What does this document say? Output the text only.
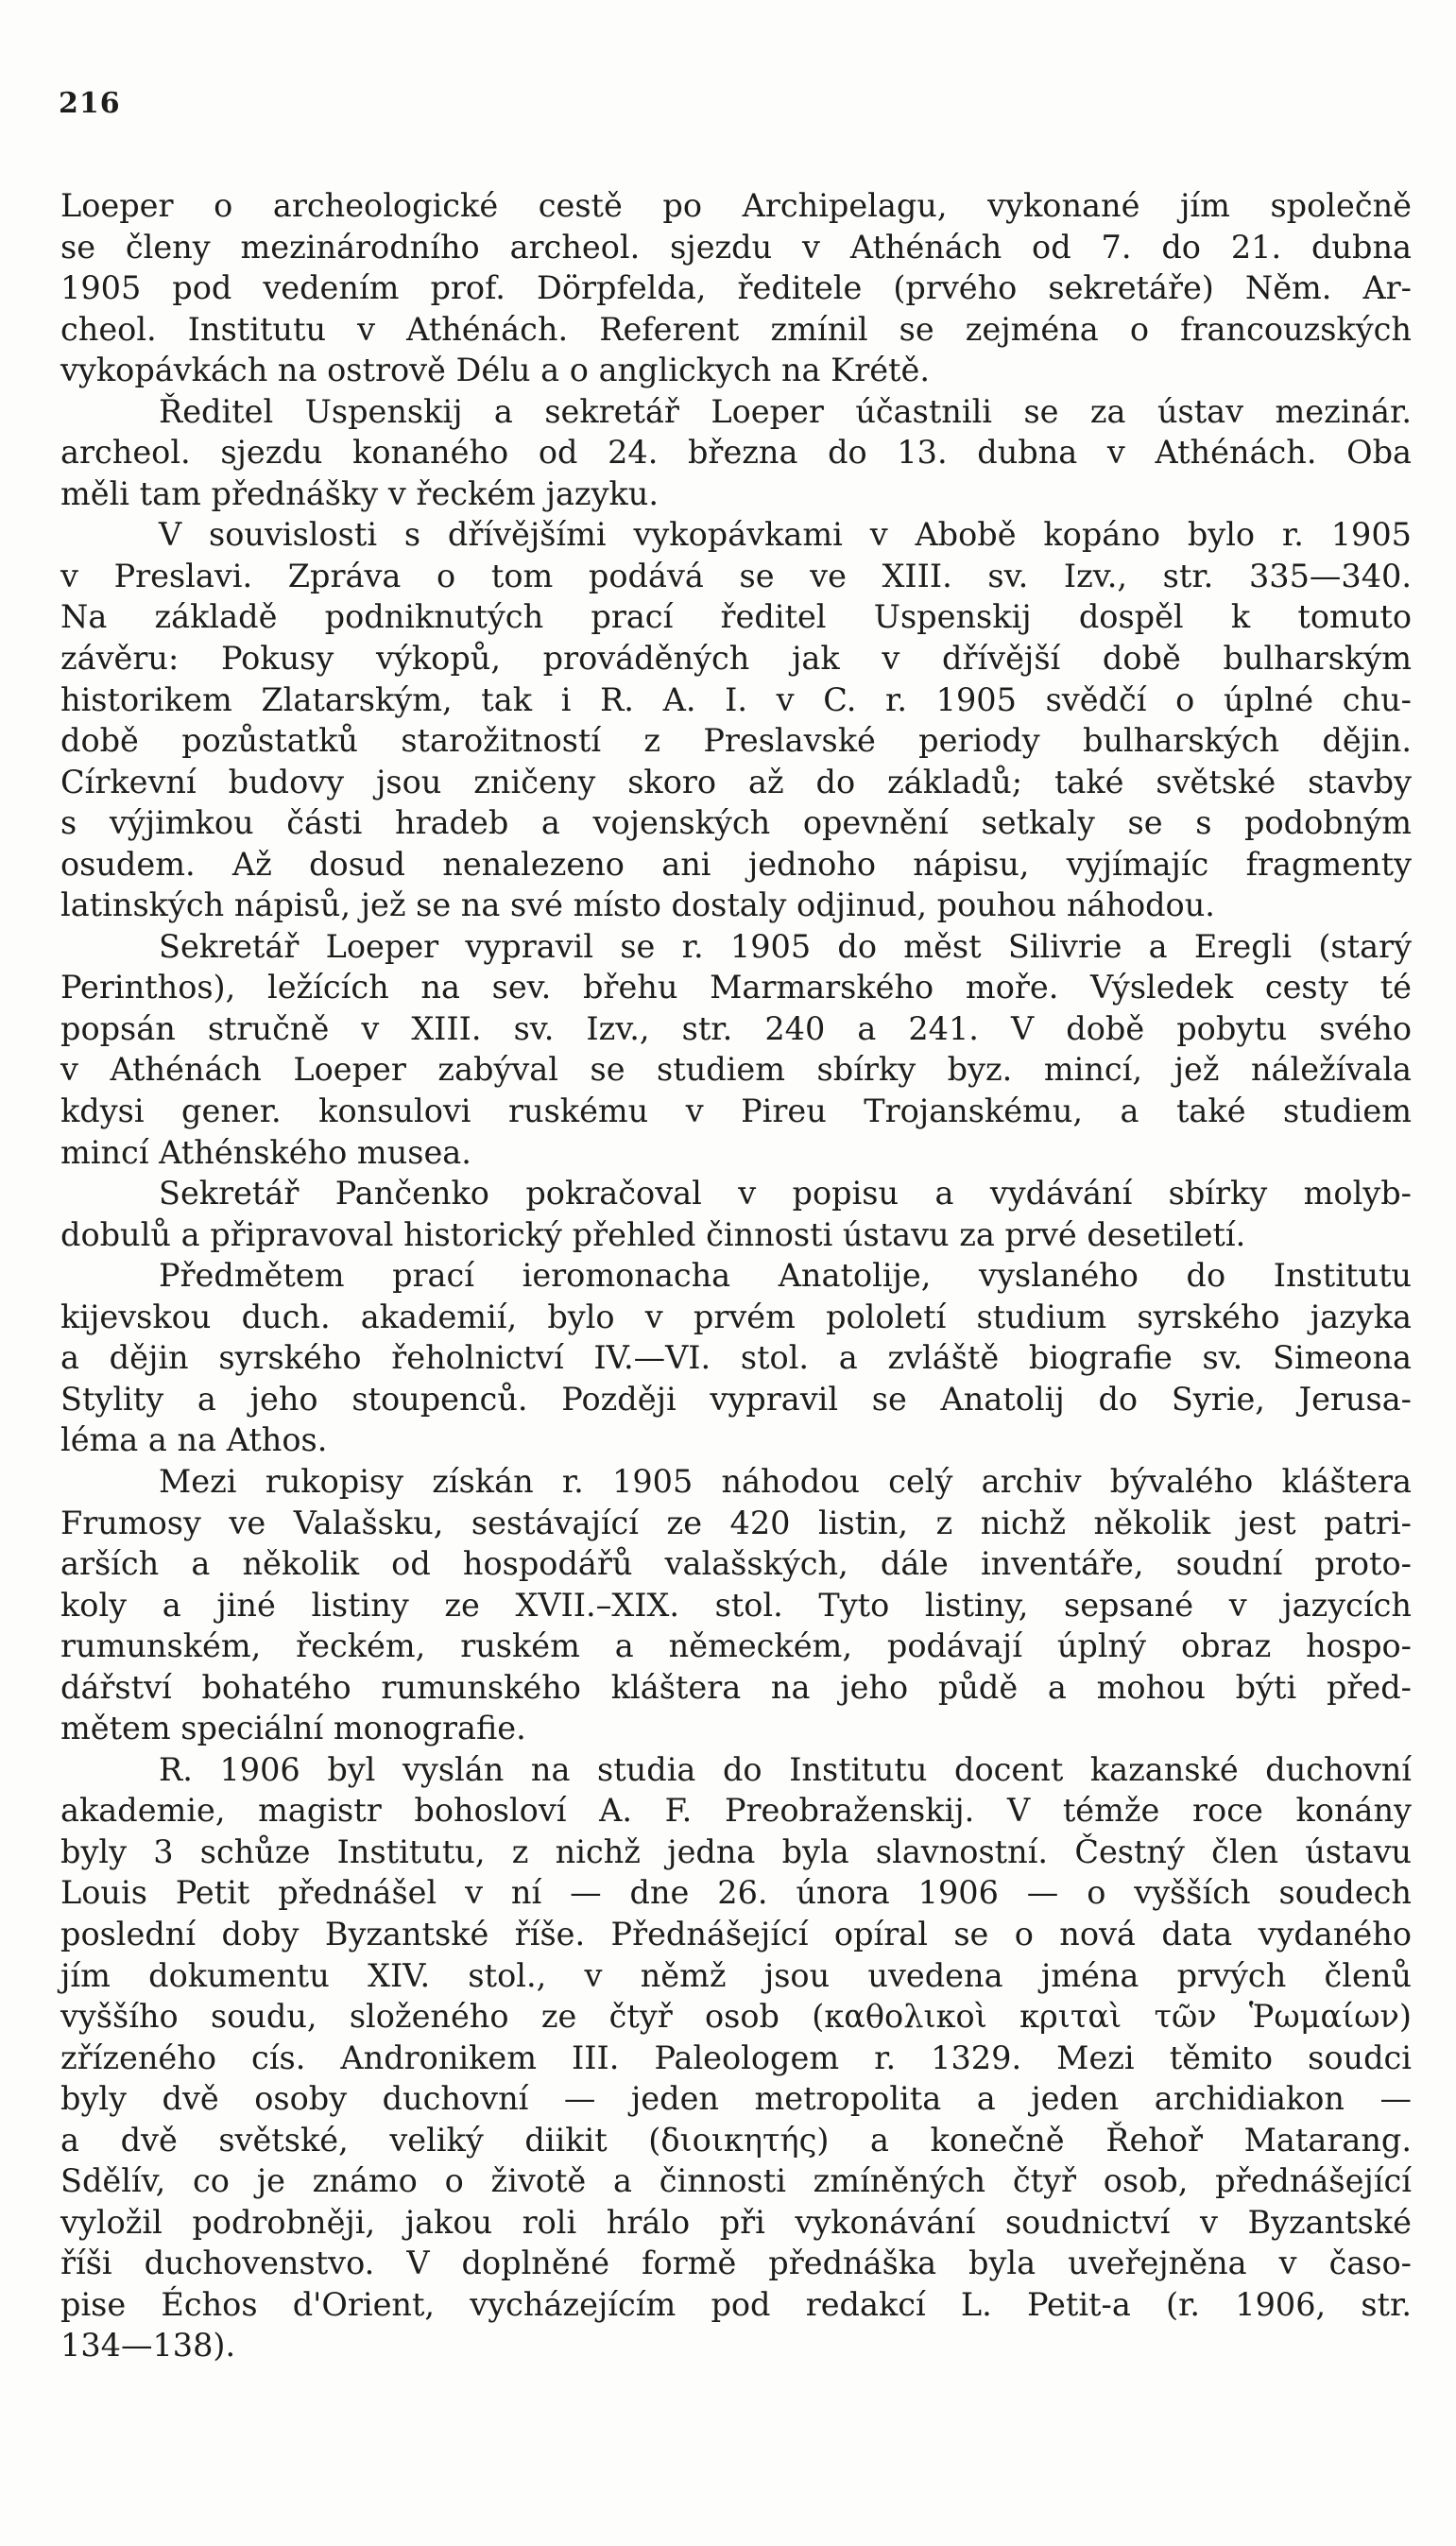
216
Loeper o archeologické cestě po Archipelagu, vykonané jím společně
se členy mezinárodního archeol. sjezdu v Athénách od 7. do 21. dubna
1905 pod vedením prof. Dörpfelda, ředitele (prvého sekretáře) Něm. Ar-
cheol. Institutu v Athénách. Referent zmínil se zejména o francouzských
vykopávkách na ostrově Délu a o anglickych na Krétě.
Ředitel Uspenskij a sekretář Loeper účastnili se za ústav mezinár.
archeol. sjezdu konaného od 24. března do 13. dubna v Athénách. Oba
měli tam přednášky v řeckém jazyku.
V souvislosti s dřívějšími vykopávkami v Abobě kopáno bylo r. 1905
v Preslavi. Zpráva o tom podává se ve XIII. sv. Izv., str. 335—340.
Na základě podniknutých prací ředitel Uspenskij dospěl k tomuto
závěru: Pokusy výkopů, prováděných jak v dřívější době bulharským
historikem Zlatarským, tak i R. A. I. v C. r. 1905 svědčí o úplné chu-
době pozůstatků starožitností z Preslavské periody bulharských dějin.
Církevní budovy jsou zničeny skoro až do základů; také světské stavby
s výjimkou části hradeb a vojenských opevnění setkaly se s podobným
osudem. Až dosud nenalezeno ani jednoho nápisu, vyjímajíc fragmenty
latinských nápisů, jež se na své místo dostaly odjinud, pouhou náhodou.
Sekretář Loeper vypravil se r. 1905 do měst Silivrie a Eregli (starý
Perinthos), ležících na sev. břehu Marmarského moře. Výsledek cesty té
popsán stručně v XIII. sv. Izv., str. 240 a 241. V době pobytu svého
v Athénách Loeper zabýval se studiem sbírky byz. mincí, jež náležívala
kdysi gener. konsulovi ruskému v Pireu Trojanskému, a také studiem
mincí Athénského musea.
Sekretář Pančenko pokračoval v popisu a vydávání sbírky molyb-
dobulů a připravoval historický přehled činnosti ústavu za prvé desetiletí.
Předmětem prací ieromonacha Anatolije, vyslaného do Institutu
kijevskou duch. akademií, bylo v prvém pololetí studium syrského jazyka
a dějin syrského řeholnictví IV.—VI. stol. a zvláště biografie sv. Simeona
Stylity a jeho stoupenců. Později vypravil se Anatolij do Syrie, Jerusa-
léma a na Athos.
Mezi rukopisy získán r. 1905 náhodou celý archiv bývalého kláštera
Frumosy ve Valašsku, sestávající ze 420 listin, z nichž několik jest patri-
arších a několik od hospodářů valašských, dále inventáře, soudní proto-
koly a jiné listiny ze XVII.–XIX. stol. Tyto listiny, sepsané v jazycích
rumunském, řeckém, ruském a německém, podávají úplný obraz hospo-
dářství bohatého rumunského kláštera na jeho půdě a mohou býti před-
mětem speciální monografie.
R. 1906 byl vyslán na studia do Institutu docent kazanské duchovní
akademie, magistr bohosloví A. F. Preobraženskij. V témže roce konány
byly 3 schůze Institutu, z nichž jedna byla slavnostní. Čestný člen ústavu
Louis Petit přednášel v ní — dne 26. února 1906 — o vyšších soudech
poslední doby Byzantské říše. Přednášející opíral se o nová data vydaného
jím dokumentu XIV. stol., v němž jsou uvedena jména prvých členů
vyššího soudu, složeného ze čtyř osob (καθολικοὶ κριταὶ τῶν Ῥωμαίων)
zřízeného cís. Andronikem III. Paleologem r. 1329. Mezi těmito soudci
byly dvě osoby duchovní — jeden metropolita a jeden archidiakon —
a dvě světské, veliký diikit (διοικητής) a konečně Řehoř Matarang.
Sdělív, co je známo o životě a činnosti zmíněných čtyř osob, přednášející
vyložil podrobněji, jakou roli hrálo při vykonávání soudnictví v Byzantské
říši duchovenstvo. V doplněné formě přednáška byla uveřejněna v časo-
pise Échos d'Orient, vycházejícím pod redakcí L. Petit-a (r. 1906, str.
134—138).
